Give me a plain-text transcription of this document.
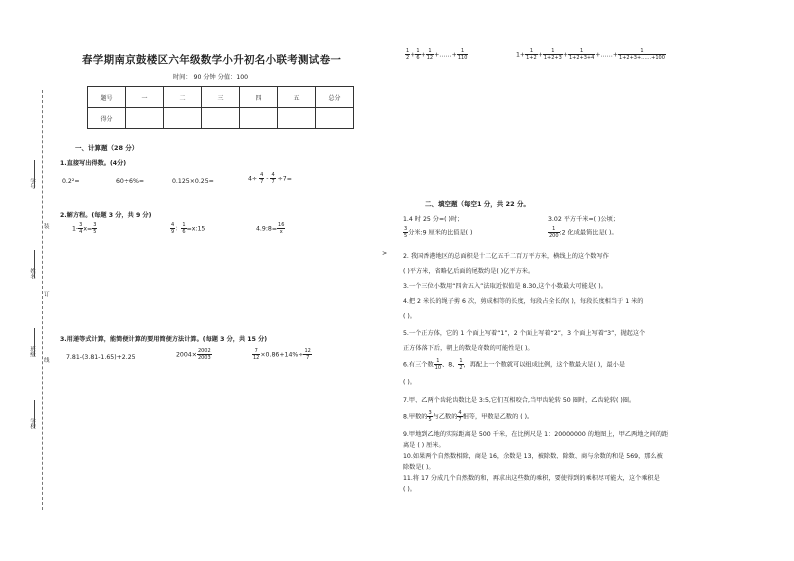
春学期南京鼓楼区六年级数学小升初名小联考测试卷一
时间： 90 分钟 分值：100
题号	一	二	三	四	五	总分
得分						
学号
姓名
班级
学校
装
订
线
一、计算题（28 分）
1.直接写出得数。(4分)
0.2²=	60÷6%=	0.125×0.25=	$4\div \frac{4}{7} - \frac{4}{7} \div 7=$
2.解方程。(每题 3 分，共 9 分)
$1- \frac{3}{4} x= \frac{3}{5}$	$\frac{4}{9}$ ： $\frac{1}{6}$ =x:15	4.9:8= $\frac{16}{x}$
3.用递等式计算，能简便计算的要用简便方法计算。(每题 3 分，共 15 分)
7.81-(3.81-1.65)+2.25	$2004\times \frac{2002}{2003}$	$\frac{7}{12} \times 0.86+14\%\div \frac{12}{7}$
$\frac{1}{2} + \frac{1}{6} + \frac{1}{12}$ +……+ $\frac{1}{110}$	$1+ \frac{1}{1+2} + \frac{1}{1+2+3} + \frac{1}{1+2+3+4}$ +……+ $\frac{1}{1+2+3+\dots\dots+100}$
二、填空题（每空1 分，共 22 分。
>
1.4 时 25 分=( )时；	3.02 平方千米=( )公顷；
$\frac{3}{5}$ 分米:9 厘米的比值是( )	$\frac{1}{200}$ :2 化成最简比是( )。
2. 我国香港地区的总面积是十二亿五千二百万平方米，横线上的这个数写作
( )平方米，省略亿后面的尾数约是( )亿平方米。
3.一个三位小数用“四舍五入”法取近似值是 8.30,这个小数最大可能是( )。
4.把 2 米长的绳子剪 6 次，剪成相等的长度，每段占全长的( )，每段长度相当于 1 米的
( )。
5.一个正方体，它的 1 个面上写着“1”，2 个面上写着“2”，3 个面上写着“3”，抛起这个
正方体落下后，朝上的数是奇数的可能性是( )。
6.有三个数 $\frac{1}{10}$ 、8、 $\frac{1}{2}$ ，再配上一个数就可以组成比例，这个数最大是( )，最小是
( )。
7.甲、乙两个齿轮齿数比是 3:5,它们互相咬合,当甲齿轮转 50 圈时，乙齿轮转( )圈。
8.甲数的 $\frac{3}{5}$ 与乙数的 $\frac{4}{7}$ 相等，甲数是乙数的 ( )。
9.甲地到乙地的实际距离是 500 千米，在比例尺是 1：20000000 的地图上，甲乙两地之间的距
离是 ( ) 厘米。
10.如果两个自然数相除，商是 16，余数是 13，被除数、除数、商与余数的和是 569，那么被
除数是( )。
11.将 17 分成几个自然数的和，再求出这些数的乘积，要使得到的乘积尽可能大，这个乘积是
( )。
